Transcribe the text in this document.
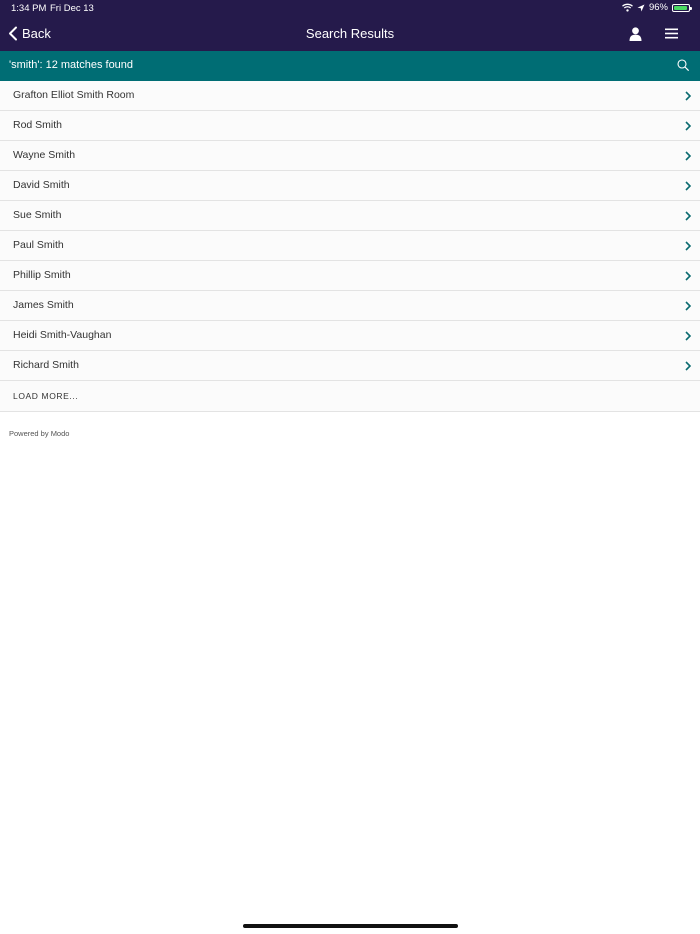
1:34 PM Fri Dec 13	96%
Back	Search Results
'smith': 12 matches found
Grafton Elliot Smith Room
Rod Smith
Wayne Smith
David Smith
Sue Smith
Paul Smith
Phillip Smith
James Smith
Heidi Smith-Vaughan
Richard Smith
LOAD MORE...
Powered by Modo
